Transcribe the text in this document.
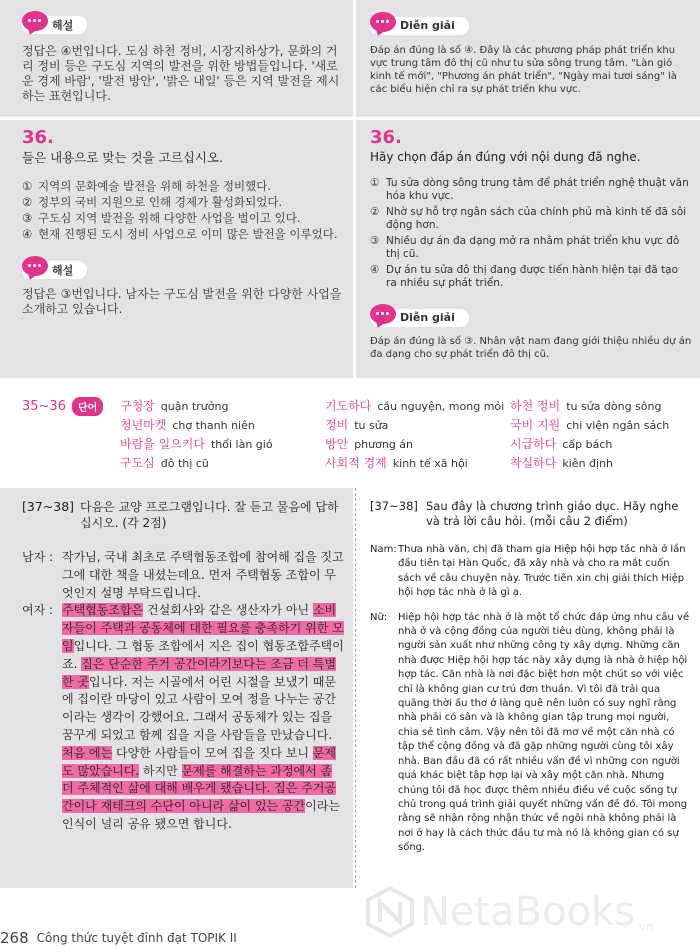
해설

정답은 ④번입니다. 도심 하천 정비, 시장지하상가, 문화의 거리 정비 등은 구도심 지역의 발전을 위한 방법들입니다. '새로운 경제 바람', '발전 방안', '밝은 내일' 등은 지역 발전을 제시하는 표현입니다.

Diễn giải

Đáp án đúng là số ④. Đây là các phương pháp phát triển khu vực trung tâm đô thị cũ như tu sửa sông trung tâm. "Làn gió kinh tế mới", "Phương án phát triển", "Ngày mai tươi sáng" là các biểu hiện chỉ ra sự phát triển khu vực.

36.
들은 내용으로 맞는 것을 고르십시오.
① 지역의 문화예술 발전을 위해 하천을 정비했다.
② 정부의 국비 지원으로 인해 경제가 활성화되었다.
③ 구도심 지역 발전을 위해 다양한 사업을 벌이고 있다.
④ 현재 진행된 도시 정비 사업으로 이미 많은 발전을 이루었다.
해설

정답은 ③번입니다. 남자는 구도심 발전을 위한 다양한 사업을 소개하고 있습니다.

36.
Hãy chọn đáp án đúng với nội dung đã nghe.
① Tu sửa dòng sông trung tâm để phát triển nghệ thuật văn hóa khu vực.
② Nhờ sự hỗ trợ ngân sách của chính phủ mà kinh tế đã sôi động hơn.
③ Nhiều dự án đa dạng mở ra nhằm phát triển khu vực đô thị cũ.
④ Dự án tu sửa đô thị đang được tiến hành hiện tại đã tạo ra nhiều sự phát triển.
Diễn giải

Đáp án đúng là số ③. Nhân vật nam đang giới thiệu nhiều dự án đa dạng cho sự phát triển đô thị cũ.

35~36	단어	구청장 quận trưởng	기도하다 cầu nguyện, mong mỏi 하천 정비 tu sửa dòng sông
청년마켓 chợ thanh niên	정비 tu sửa	국비 지원 chi viện ngân sách
바람을 일으키다 thổi làn gió	방안 phương án	시급하다 cấp bách
구도심 đô thị cũ	사회적 경제 kinh tế xã hội	착실하다 kiên định
[37~38] 다음은 교양 프로그램입니다. 잘 듣고 물음에 답하십시오. (각 2점)
남자 : 작가님, 국내 최초로 주택협동조합에 참여해 집을 짓고 그에 대한 책을 내셨는데요. 먼저 주택협동 조합이 무엇인지 설명 부탁드립니다.
여자 : 주택협동조합은 건설회사와 같은 생산자가 아닌 소비자들이 주택과 공동체에 대한 필요를 충족하기 위한 모임입니다. 그 협동 조합에서 지은 집이 협동조합주택이죠. 집은 단순한 주거 공간이라기보다는 조금 더 특별한 곳입니다. 저는 시골에서 어린 시절을 보냈기 때문에 집이란 마당이 있고 사람이 모여 정을 나누는 공간이라는 생각이 강했어요. 그래서 공동체가 있는 집을 꿈꾸게 되었고 함께 집을 지을 사람들을 만났습니다. 처음 에는 다양한 사람들이 모여 집을 짓다 보니 문제도 많았습니다. 하지만 문제를 해결하는 과정에서 좀 더 주체적인 삶에 대해 배우게 됐습니다. 집은 주거공간이나 재테크의 수단이 아니라 삶이 있는 공간이라는 인식이 널리 공유 됐으면 합니다.
[37~38] Sau đây là chương trình giáo dục. Hãy nghe và trả lời câu hỏi. (mỗi câu 2 điểm)
Nam: Thưa nhà văn, chị đã tham gia Hiệp hội hợp tác nhà ở lần đầu tiên tại Hàn Quốc, đã xây nhà và cho ra mắt cuốn sách về câu chuyện này. Trước tiên xin chị giải thích Hiệp hội hợp tác nhà ở là gì ạ.
Nữ:	Hiệp hội hợp tác nhà ở là một tổ chức đáp ứng nhu cầu về nhà ở và cộng đồng của người tiêu dùng, không phải là người sản xuất như những công ty xây dựng. Những căn nhà được Hiệp hội hợp tác này xây dựng là nhà ở hiệp hội hợp tác. Căn nhà là nơi đặc biệt hơn một chút so với việc chỉ là không gian cư trú đơn thuần. Vì tôi đã trải qua quãng thời ấu thơ ở làng quê nên luôn có suy nghĩ rằng nhà phải có sân và là không gian tập trung mọi người, chia sẻ tình cảm. Vậy nên tôi đã mơ về một căn nhà có tập thể cộng đồng và đã gặp những người cùng tôi xây nhà. Ban đầu đã có rất nhiều vấn đề vì những con người quá khác biệt tập hợp lại và xây một căn nhà. Nhưng chúng tôi đã học được thêm nhiều điều về cuộc sống tự chủ trong quá trình giải quyết những vấn đề đó. Tôi mong rằng sẽ nhận rộng nhận thức về ngôi nhà không phải là nơi ở hay là cách thức đầu tư mà nó là không gian có sự sống.
NetaBooks .vn
268 Công thức tuyệt đỉnh đạt TOPIK II
